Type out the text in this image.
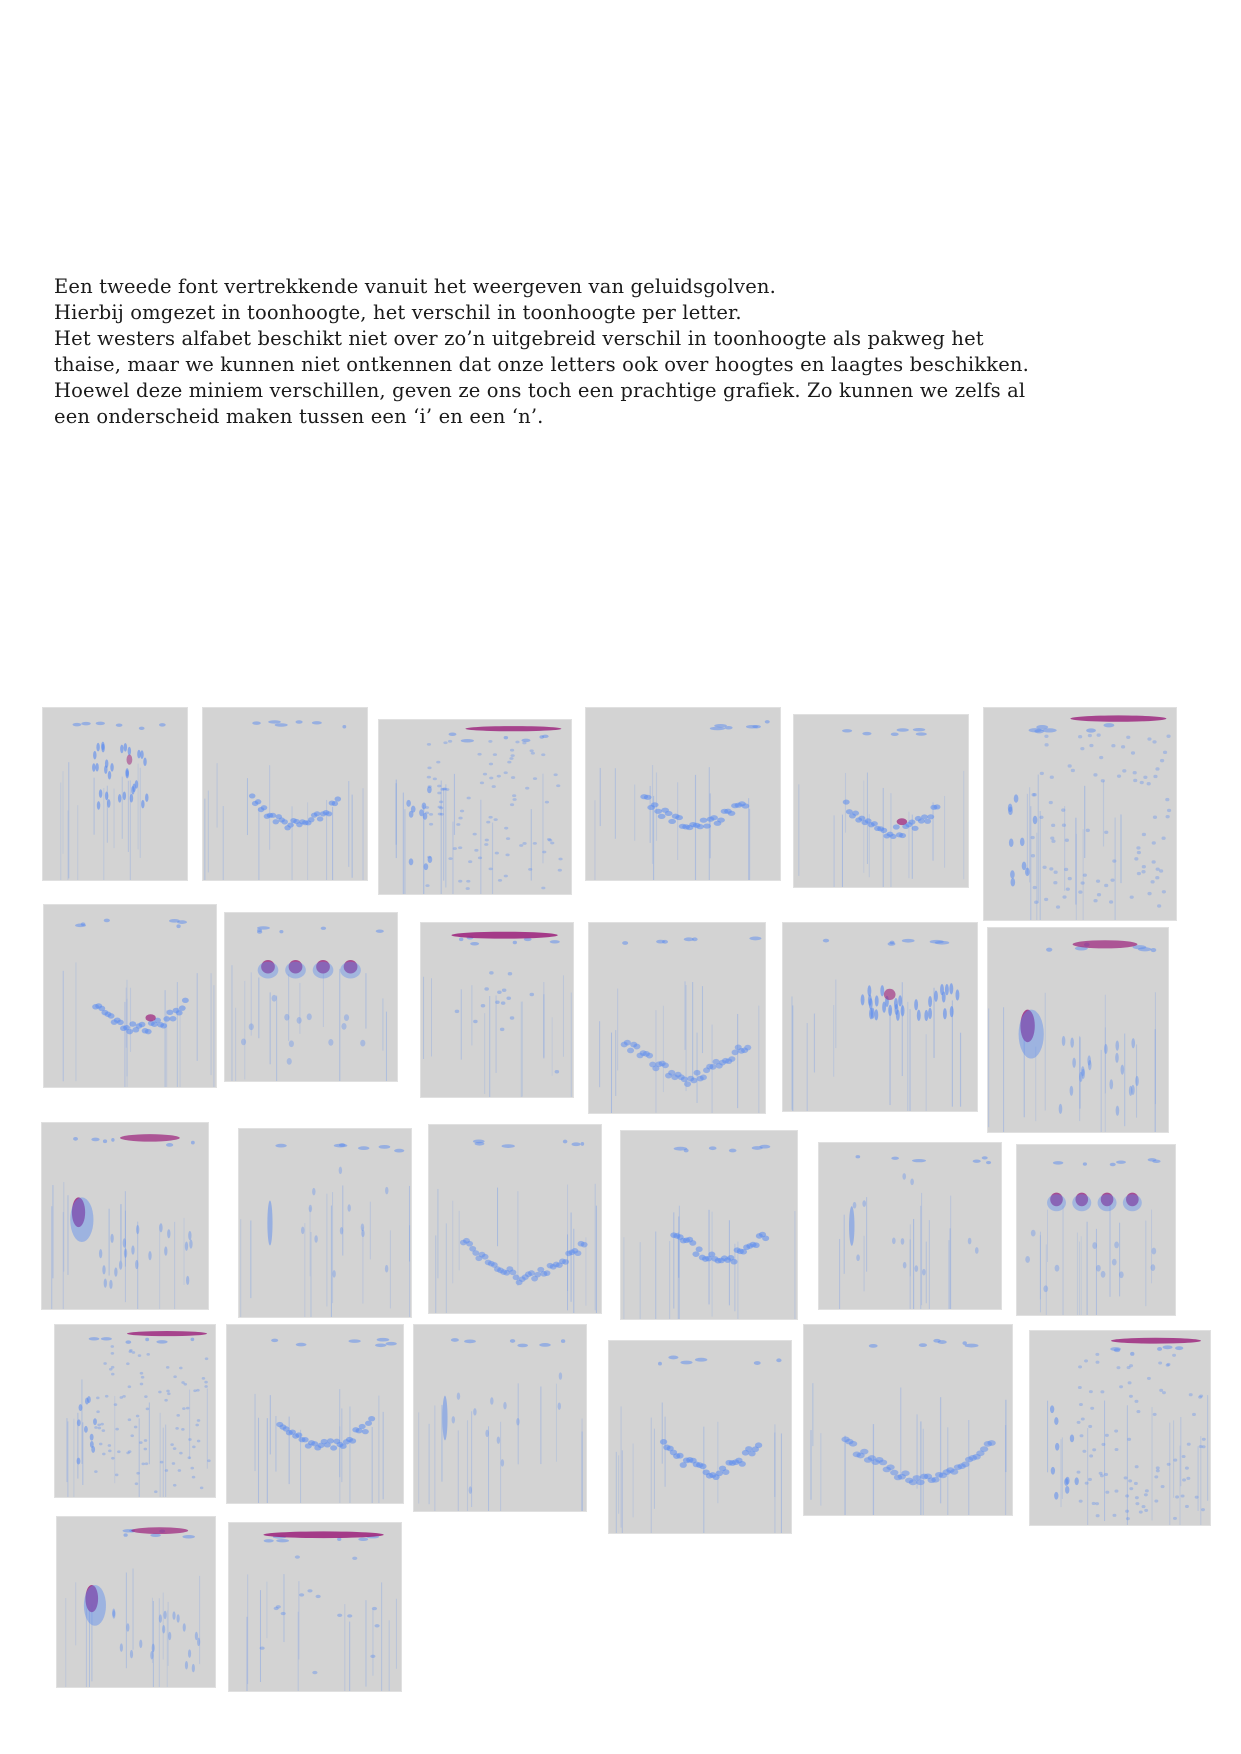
Een tweede font vertrekkende vanuit het weergeven van geluidsgolven.
Hierbij omgezet in toonhoogte, het verschil in toonhoogte per letter.
Het westers alfabet beschikt niet over zo’n uitgebreid verschil in toonhoogte als pakweg het
thaise, maar we kunnen niet ontkennen dat onze letters ook over hoogtes en laagtes beschikken.
Hoewel deze miniem verschillen, geven ze ons toch een prachtige grafiek. Zo kunnen we zelfs al
een onderscheid maken tussen een ‘i’ en een ‘n’.
